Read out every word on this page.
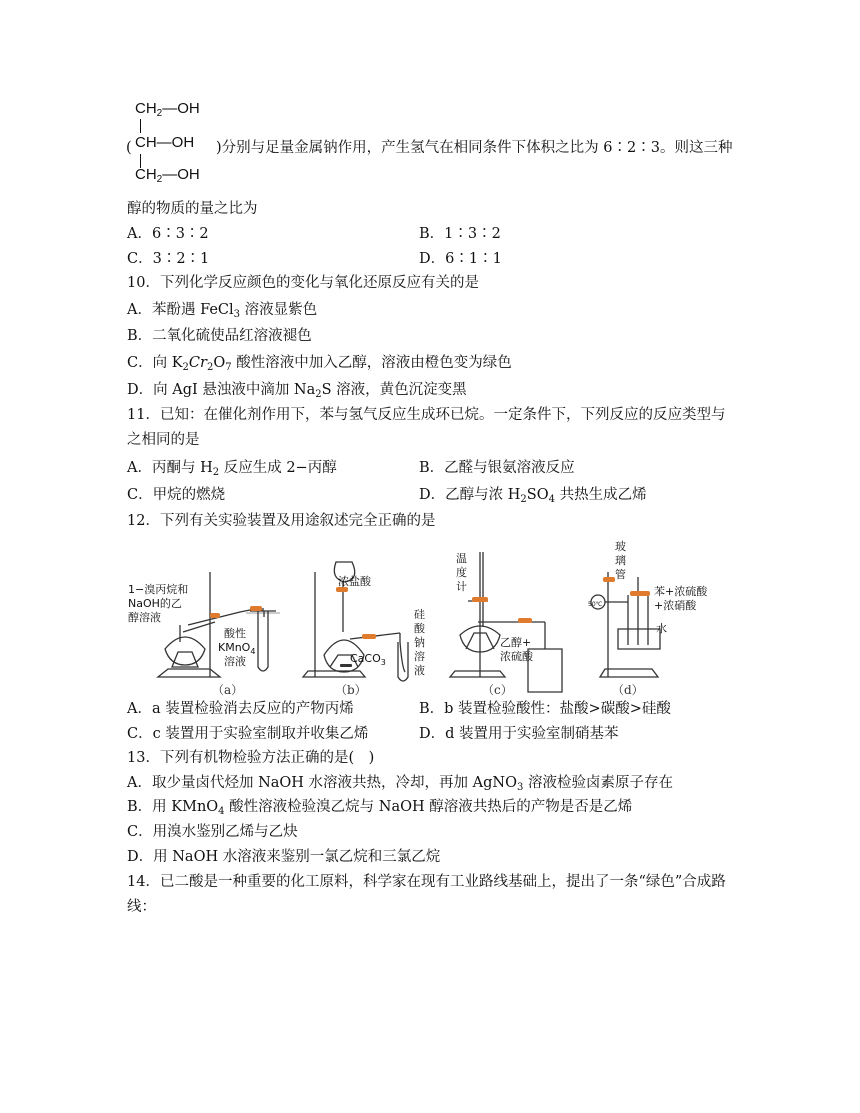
$CH_2—OH$
CH—OH
$CH_2—OH$
(	)分别与足量金属钠作用，产生氢气在相同条件下体积之比为 6∶2∶3。则这三种
醇的物质的量之比为
A．6∶3∶2	B．1∶3∶2
C．3∶2∶1	D．6∶1∶1
10．下列化学反应颜色的变化与氧化还原反应有关的是
A．苯酚遇 FeCl$_3$ 溶液显紫色
B．二氧化硫使品红溶液褪色
C．向 $K_2Cr_2O_7$ 酸性溶液中加入乙醇，溶液由橙色变为绿色
D．向 AgI 悬浊液中滴加 $Na_2S$ 溶液，黄色沉淀变黑
11．已知：在催化剂作用下，苯与氢气反应生成环已烷。一定条件下，下列反应的反应类型与
之相同的是
A．丙酮与 $H_2$ 反应生成 2−丙醇	B．乙醛与银氨溶液反应
C．甲烷的燃烧	D．乙醇与浓 $H_2SO_4$ 共热生成乙烯
12．下列有关实验装置及用途叙述完全正确的是
1−溴丙烷和
NaOH的乙
醇溶液
酸性
KMnO$_4$
溶液
浓盐酸
CaCO$_3$
硅
酸
钠
溶
液
温
度
计
乙醇+
浓硫酸
玻
璃
管
苯+浓硫酸
+浓硝酸
水
50℃
（a）	（b）	（c）	（d）
A．a 装置检验消去反应的产物丙烯	B．b 装置检验酸性：盐酸>碳酸>硅酸
C．c 装置用于实验室制取并收集乙烯	D．d 装置用于实验室制硝基苯
13．下列有机物检验方法正确的是(　)
A．取少量卤代烃加 NaOH 水溶液共热，冷却，再加 AgNO$_3$ 溶液检验卤素原子存在
B．用 KMnO$_4$ 酸性溶液检验溴乙烷与 NaOH 醇溶液共热后的产物是否是乙烯
C．用溴水鉴别乙烯与乙炔
D．用 NaOH 水溶液来鉴别一氯乙烷和三氯乙烷
14．已二酸是一种重要的化工原料，科学家在现有工业路线基础上，提出了一条“绿色”合成路
线：
